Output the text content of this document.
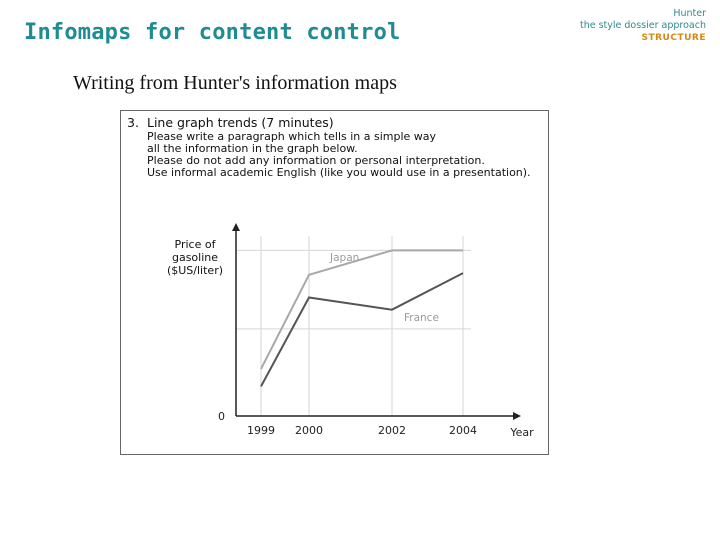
Infomaps for content control
Hunter
the style dossier approach
STRUCTURE
Writing from Hunter's information maps
3. Line graph trends (7 minutes)
Please write a paragraph which tells in a simple way
all the information in the graph below.
Please do not add any information or personal interpretation.
Use informal academic English (like you would use in a presentation).
Price of gasoline ($US/liter)
0
1999 2000	2002	2004	Year
Japan
France
